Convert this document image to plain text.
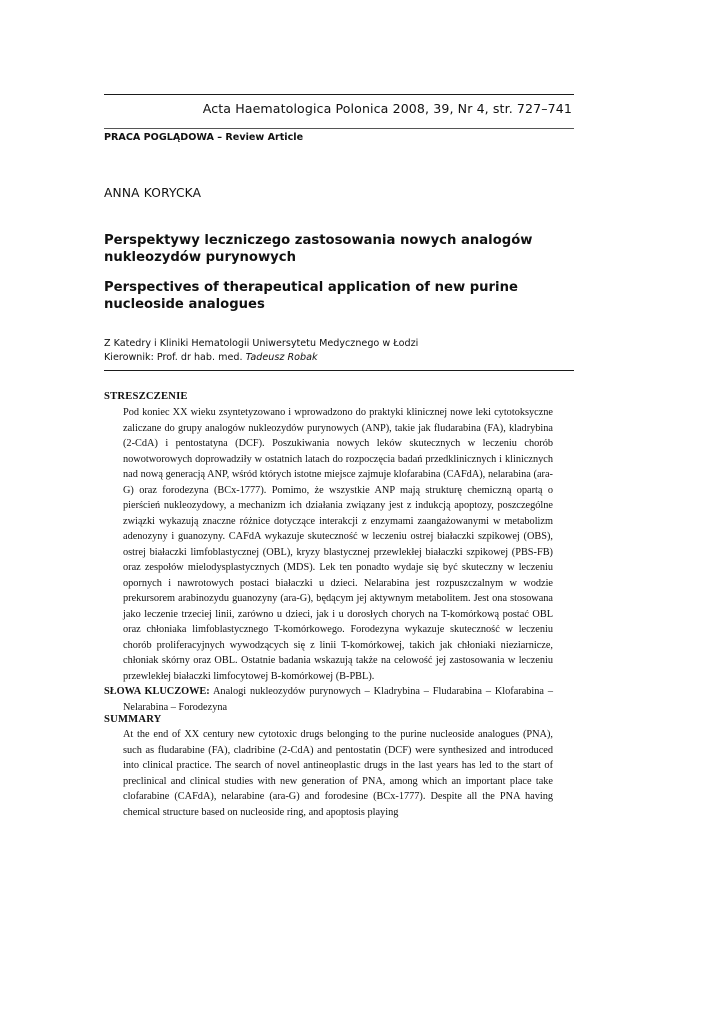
Acta Haematologica Polonica 2008, 39, Nr 4, str. 727–741
PRACA POGLĄDOWA – Review Article
ANNA KORYCKA
Perspektywy leczniczego zastosowania nowych analogów nukleozydów purynowych
Perspectives of therapeutical application of new purine nucleoside analogues
Z Katedry i Kliniki Hematologii Uniwersytetu Medycznego w Łodzi
Kierownik: Prof. dr hab. med. Tadeusz Robak
STRESZCZENIE

Pod koniec XX wieku zsyntetyzowano i wprowadzono do praktyki klinicznej nowe leki cytotoksyczne zaliczane do grupy analogów nukleozydów purynowych (ANP), takie jak fludarabina (FA), kladrybina (2-CdA) i pentostatyna (DCF). Poszukiwania nowych leków skutecznych w leczeniu chorób nowotworowych doprowadziły w ostatnich latach do rozpoczęcia badań przedklinicznych i klinicznych nad nową generacją ANP, wśród których istotne miejsce zajmuje klofarabina (CAFdA), nelarabina (ara-G) oraz forodezyna (BCx-1777). Pomimo, że wszystkie ANP mają strukturę chemiczną opartą o pierścień nukleozydowy, a mechanizm ich działania związany jest z indukcją apoptozy, poszczególne związki wykazują znaczne różnice dotyczące interakcji z enzymami zaangażowanymi w metabolizm adenozyny i guanozyny. CAFdA wykazuje skuteczność w leczeniu ostrej białaczki szpikowej (OBS), ostrej białaczki limfoblastycznej (OBL), kryzy blastycznej przewlekłej białaczki szpikowej (PBS-FB) oraz zespołów mielodysplastycznych (MDS). Lek ten ponadto wydaje się być skuteczny w leczeniu opornych i nawrotowych postaci białaczki u dzieci. Nelarabina jest rozpuszczalnym w wodzie prekursorem arabinozydu guanozyny (ara-G), będącym jej aktywnym metabolitem. Jest ona stosowana jako leczenie trzeciej linii, zarówno u dzieci, jak i u dorosłych chorych na T-komórkową postać OBL oraz chłoniaka limfoblastycznego T-komórkowego. Forodezyna wykazuje skuteczność w leczeniu chorób proliferacyjnych wywodzących się z linii T-komórkowej, takich jak chłoniaki nieziarnicze, chłoniak skórny oraz OBL. Ostatnie badania wskazują także na celowość jej zastosowania w leczeniu przewlekłej białaczki limfocytowej B-komórkowej (B-PBL).

SŁOWA KLUCZOWE: Analogi nukleozydów purynowych – Kladrybina – Fludarabina – Klofarabina – Nelarabina – Forodezyna

SUMMARY

At the end of XX century new cytotoxic drugs belonging to the purine nucleoside analogues (PNA), such as fludarabine (FA), cladribine (2-CdA) and pentostatin (DCF) were synthesized and introduced into clinical practice. The search of novel antineoplastic drugs in the last years has led to the start of preclinical and clinical studies with new generation of PNA, among which an important place take clofarabine (CAFdA), nelarabine (ara-G) and forodesine (BCx-1777). Despite all the PNA having chemical structure based on nucleoside ring, and apoptosis playing
